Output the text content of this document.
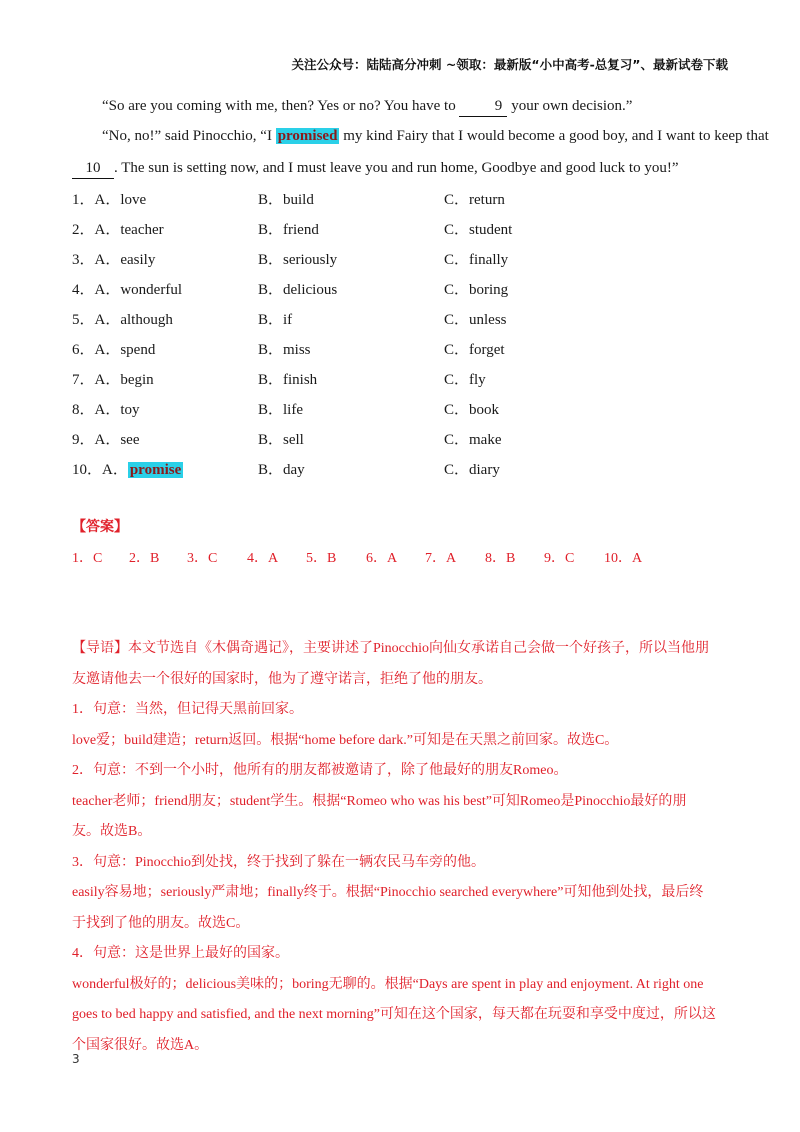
关注公众号：陆陆高分冲刺 ~领取：最新版“小中高考-总复习”、最新试卷下载
“So are you coming with me, then? Yes or no? You have to 9 your own decision.”
“No, no!” said Pinocchio, “I promised my kind Fairy that I would become a good boy, and I want to keep that
10 . The sun is setting now, and I must leave you and run home, Goodbye and good luck to you!”
1．A．love	B．build	C．return
2．A．teacher	B．friend	C．student
3．A．easily	B．seriously	C．finally
4．A．wonderful	B．delicious	C．boring
5．A．although	B．if	C．unless
6．A．spend	B．miss	C．forget
7．A．begin	B．finish	C．fly
8．A．toy	B．life	C．book
9．A．see	B．sell	C．make
10．A． promise	B．day	C．diary
【答案】
1．C 2．B 3．C 4．A 5．B 6．A 7．A 8．B 9．C 10．A
【导语】本文节选自《木偶奇遇记》，主要讲述了Pinocchio向仙女承诺自己会做一个好孩子，所以当他朋
友邀请他去一个很好的国家时，他为了遵守诺言，拒绝了他的朋友。
1．句意：当然，但记得天黑前回家。
love爱；build建造；return返回。根据“home before dark.”可知是在天黑之前回家。故选C。
2．句意：不到一个小时，他所有的朋友都被邀请了，除了他最好的朋友Romeo。
teacher老师；friend朋友；student学生。根据“Romeo who was his best”可知Romeo是Pinocchio最好的朋
友。故选B。
3．句意：Pinocchio到处找，终于找到了躲在一辆农民马车旁的他。
easily容易地；seriously严肃地；finally终于。根据“Pinocchio searched everywhere”可知他到处找，最后终
于找到了他的朋友。故选C。
4．句意：这是世界上最好的国家。
wonderful极好的；delicious美味的；boring无聊的。根据“Days are spent in play and enjoyment. At right one
goes to bed happy and satisfied, and the next morning”可知在这个国家，每天都在玩耍和享受中度过，所以这
个国家很好。故选A。
3
